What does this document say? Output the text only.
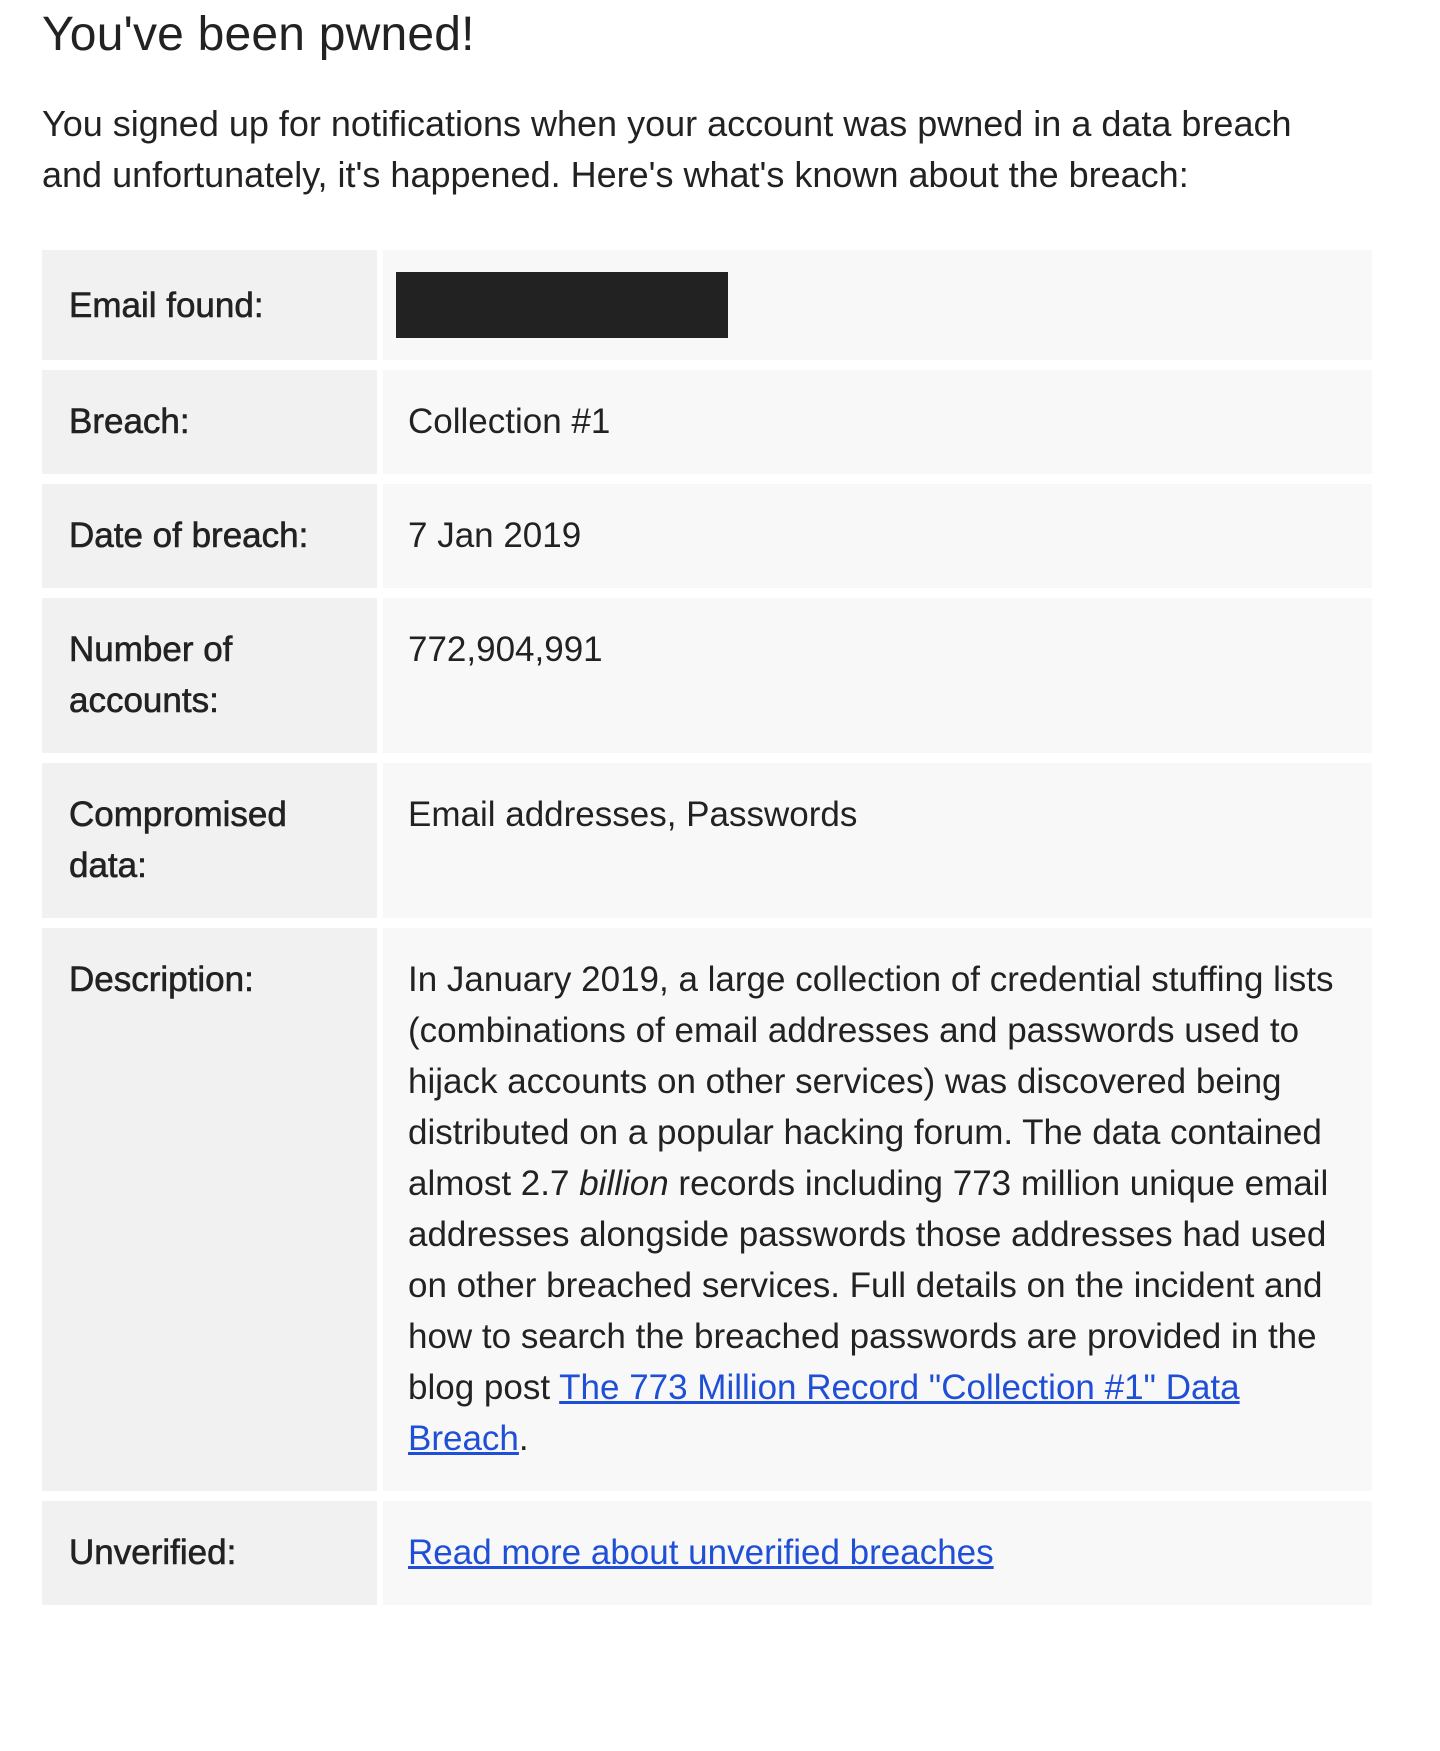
You've been pwned!

You signed up for notifications when your account was pwned in a data breach and unfortunately, it's happened. Here's what's known about the breach:

Email found:	
Breach:	Collection #1
Date of breach:	7 Jan 2019
Number of accounts:	772,904,991
Compromised data:	Email addresses, Passwords
Description:	In January 2019, a large collection of credential stuffing lists (combinations of email addresses and passwords used to hijack accounts on other services) was discovered being distributed on a popular hacking forum. The data contained almost 2.7 billion records including 773 million unique email addresses alongside passwords those addresses had used on other breached services. Full details on the incident and how to search the breached passwords are provided in the blog post The 773 Million Record "Collection #1" Data Breach.
Unverified:	Read more about unverified breaches
